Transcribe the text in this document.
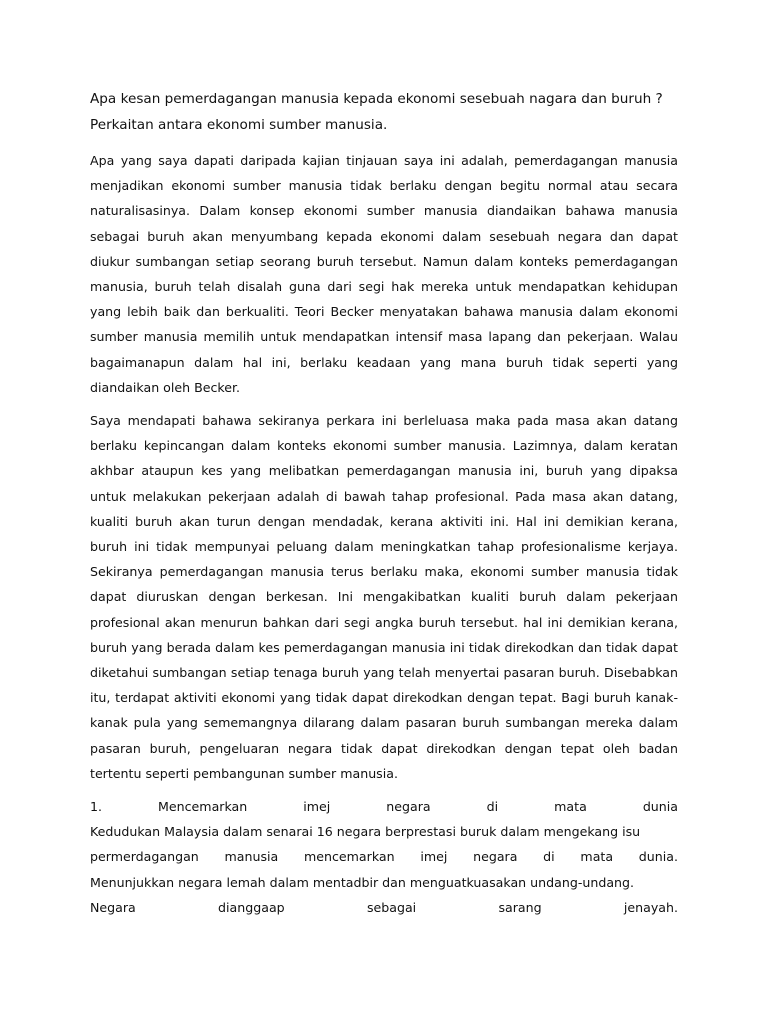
Apa kesan pemerdagangan manusia kepada ekonomi sesebuah nagara dan buruh ?
Perkaitan antara ekonomi sumber manusia.

Apa yang saya dapati daripada kajian tinjauan saya ini adalah, pemerdagangan manusia menjadikan ekonomi sumber manusia tidak berlaku dengan begitu normal atau secara naturalisasinya. Dalam konsep ekonomi sumber manusia diandaikan bahawa manusia sebagai buruh akan menyumbang kepada ekonomi dalam sesebuah negara dan dapat diukur sumbangan setiap seorang buruh tersebut. Namun dalam konteks pemerdagangan manusia, buruh telah disalah guna dari segi hak mereka untuk mendapatkan kehidupan yang lebih baik dan berkualiti. Teori Becker menyatakan bahawa manusia dalam ekonomi sumber manusia memilih untuk mendapatkan intensif masa lapang dan pekerjaan. Walau bagaimanapun dalam hal ini, berlaku keadaan yang mana buruh tidak seperti yang diandaikan oleh Becker.

Saya mendapati bahawa sekiranya perkara ini berleluasa maka pada masa akan datang berlaku kepincangan dalam konteks ekonomi sumber manusia. Lazimnya, dalam keratan akhbar ataupun kes yang melibatkan pemerdagangan manusia ini, buruh yang dipaksa untuk melakukan pekerjaan adalah di bawah tahap profesional. Pada masa akan datang, kualiti buruh akan turun dengan mendadak, kerana aktiviti ini. Hal ini demikian kerana, buruh ini tidak mempunyai peluang dalam meningkatkan tahap profesionalisme kerjaya. Sekiranya pemerdagangan manusia terus berlaku maka, ekonomi sumber manusia tidak dapat diuruskan dengan berkesan. Ini mengakibatkan kualiti buruh dalam pekerjaan profesional akan menurun bahkan dari segi angka buruh tersebut. hal ini demikian kerana, buruh yang berada dalam kes pemerdagangan manusia ini tidak direkodkan dan tidak dapat diketahui sumbangan setiap tenaga buruh yang telah menyertai pasaran buruh. Disebabkan itu, terdapat aktiviti ekonomi yang tidak dapat direkodkan dengan tepat. Bagi buruh kanak-kanak pula yang sememangnya dilarang dalam pasaran buruh sumbangan mereka dalam pasaran buruh, pengeluaran negara tidak dapat direkodkan dengan tepat oleh badan tertentu seperti pembangunan sumber manusia.

1. Mencemarkan imej negara di mata dunia
Kedudukan Malaysia dalam senarai 16 negara berprestasi buruk dalam mengekang isu
permerdagangan manusia mencemarkan imej negara di mata dunia.
Menunjukkan negara lemah dalam mentadbir dan menguatkuasakan undang-undang.
Negara dianggaap sebagai sarang jenayah.
